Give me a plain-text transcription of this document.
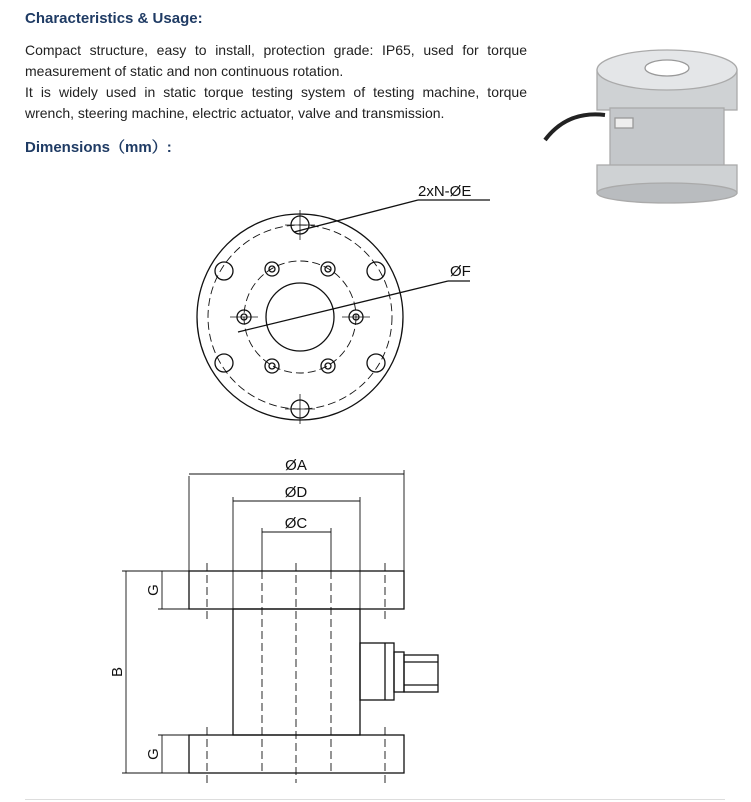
Characteristics & Usage:
Compact structure, easy to install, protection grade: IP65, used for torque
measurement of static and non continuous rotation.
It is widely used in static torque testing system of testing machine, torque
wrench, steering machine, electric actuator, valve and transmission.
Dimensions（mm）:
2xN-ØE
ØF
ØA
ØD
ØC
B
G
G
